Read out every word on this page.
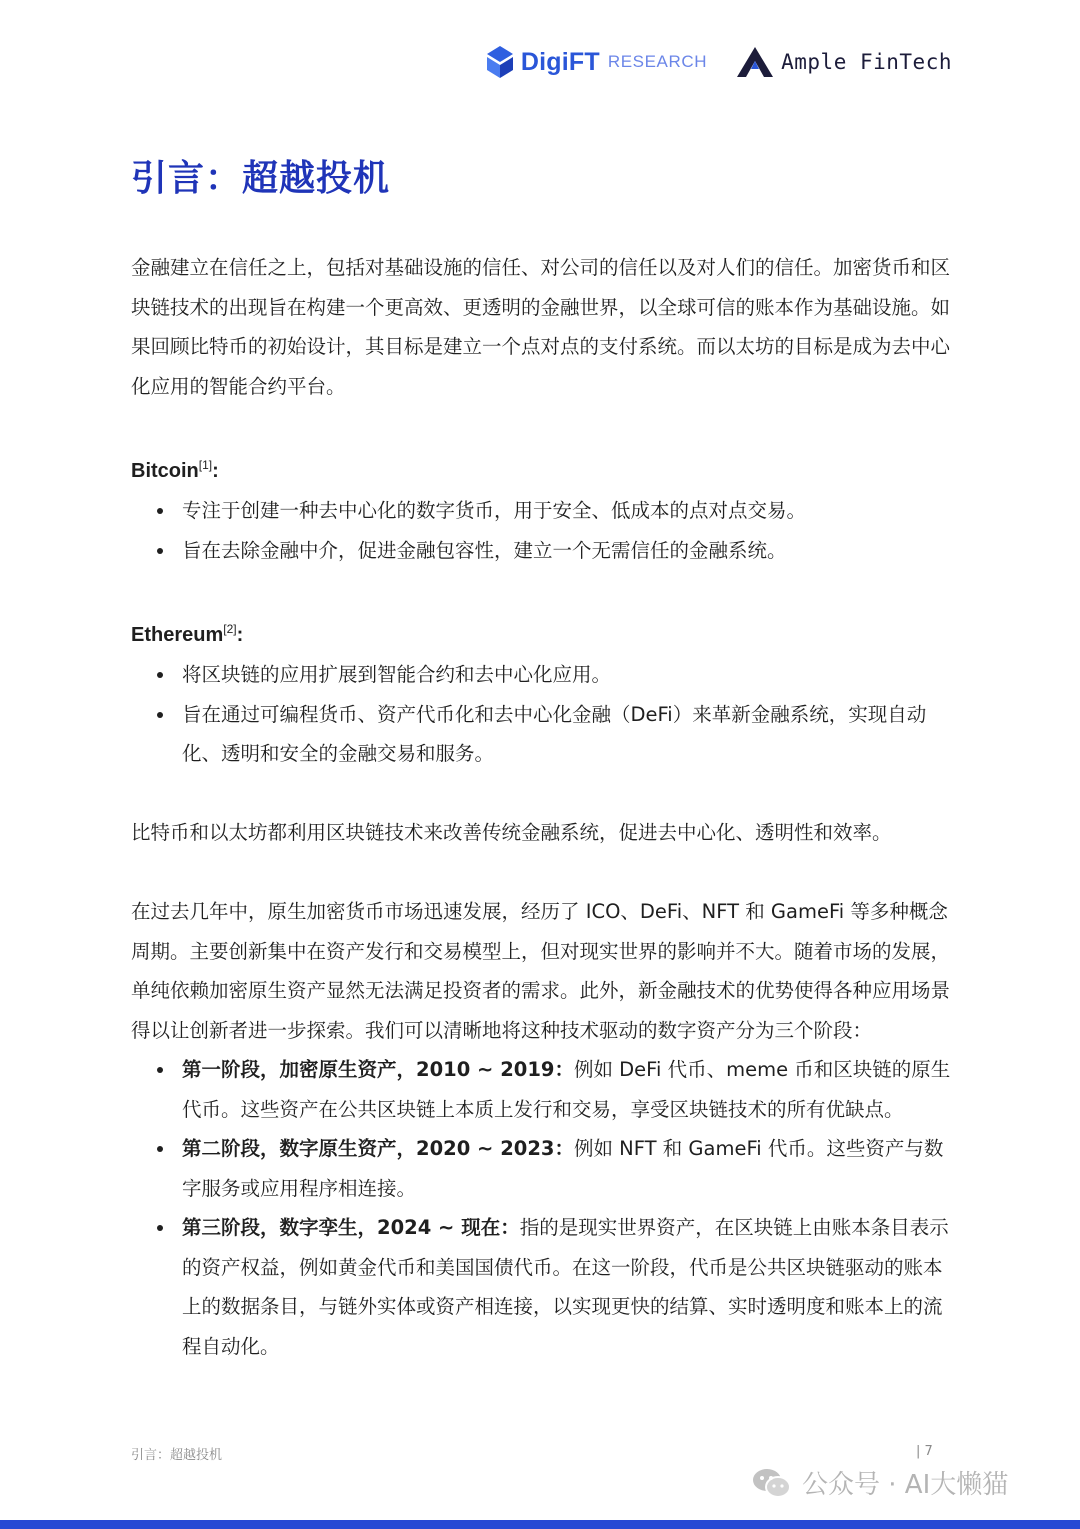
DigiFT RESEARCH	Ample FinTech
引言：超越投机

金融建立在信任之上，包括对基础设施的信任、对公司的信任以及对人们的信任。加密货币和区块链技术的出现旨在构建一个更高效、更透明的金融世界，以全球可信的账本作为基础设施。如果回顾比特币的初始设计，其目标是建立一个点对点的支付系统。而以太坊的目标是成为去中心化应用的智能合约平台。

Bitcoin[1]:

专注于创建一种去中心化的数字货币，用于安全、低成本的点对点交易。
旨在去除金融中介，促进金融包容性，建立一个无需信任的金融系统。

Ethereum[2]:

将区块链的应用扩展到智能合约和去中心化应用。
旨在通过可编程货币、资产代币化和去中心化金融（DeFi）来革新金融系统，实现自动化、透明和安全的金融交易和服务。

比特币和以太坊都利用区块链技术来改善传统金融系统，促进去中心化、透明性和效率。

在过去几年中，原生加密货币市场迅速发展，经历了 ICO、DeFi、NFT 和 GameFi 等多种概念周期。主要创新集中在资产发行和交易模型上，但对现实世界的影响并不大。随着市场的发展，单纯依赖加密原生资产显然无法满足投资者的需求。此外，新金融技术的优势使得各种应用场景得以让创新者进一步探索。我们可以清晰地将这种技术驱动的数字资产分为三个阶段：

第一阶段，加密原生资产，2010 ~ 2019：例如 DeFi 代币、meme 币和区块链的原生代币。这些资产在公共区块链上本质上发行和交易，享受区块链技术的所有优缺点。
第二阶段，数字原生资产，2020 ~ 2023：例如 NFT 和 GameFi 代币。这些资产与数字服务或应用程序相连接。
第三阶段，数字孪生，2024 ~ 现在：指的是现实世界资产，在区块链上由账本条目表示的资产权益，例如黄金代币和美国国债代币。在这一阶段，代币是公共区块链驱动的账本上的数据条目，与链外实体或资产相连接，以实现更快的结算、实时透明度和账本上的流程自动化。
引言：超越投机	| 7
公众号 · AI大懒猫
